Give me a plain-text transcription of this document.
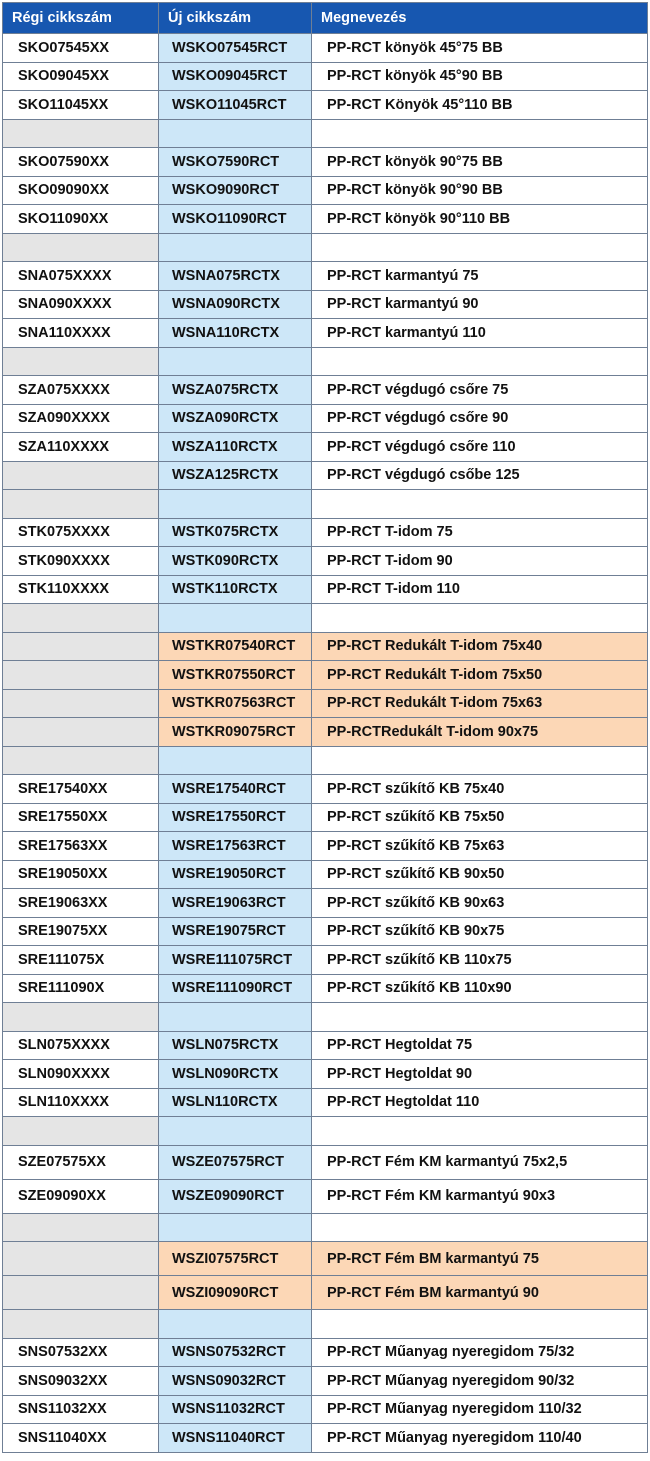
Régi cikkszám	Új cikkszám	Megnevezés
SKO07545XX	WSKO07545RCT	PP-RCT könyök 45°75 BB
SKO09045XX	WSKO09045RCT	PP-RCT könyök 45°90 BB
SKO11045XX	WSKO11045RCT	PP-RCT Könyök 45°110 BB

SKO07590XX	WSKO7590RCT	PP-RCT könyök 90°75 BB
SKO09090XX	WSKO9090RCT	PP-RCT könyök 90°90 BB
SKO11090XX	WSKO11090RCT	PP-RCT könyök 90°110 BB

SNA075XXXX	WSNA075RCTX	PP-RCT karmantyú 75
SNA090XXXX	WSNA090RCTX	PP-RCT karmantyú 90
SNA110XXXX	WSNA110RCTX	PP-RCT karmantyú 110

SZA075XXXX	WSZA075RCTX	PP-RCT végdugó csőre 75
SZA090XXXX	WSZA090RCTX	PP-RCT végdugó csőre 90
SZA110XXXX	WSZA110RCTX	PP-RCT végdugó csőre 110
	WSZA125RCTX	PP-RCT végdugó csőbe 125

STK075XXXX	WSTK075RCTX	PP-RCT T-idom 75
STK090XXXX	WSTK090RCTX	PP-RCT T-idom 90
STK110XXXX	WSTK110RCTX	PP-RCT T-idom 110

	WSTKR07540RCT	PP-RCT Redukált T-idom 75x40
	WSTKR07550RCT	PP-RCT Redukált T-idom 75x50
	WSTKR07563RCT	PP-RCT Redukált T-idom 75x63
	WSTKR09075RCT	PP-RCTRedukált T-idom 90x75

SRE17540XX	WSRE17540RCT	PP-RCT szűkítő KB 75x40
SRE17550XX	WSRE17550RCT	PP-RCT szűkítő KB 75x50
SRE17563XX	WSRE17563RCT	PP-RCT szűkítő KB 75x63
SRE19050XX	WSRE19050RCT	PP-RCT szűkítő KB 90x50
SRE19063XX	WSRE19063RCT	PP-RCT szűkítő KB 90x63
SRE19075XX	WSRE19075RCT	PP-RCT szűkítő KB 90x75
SRE111075X	WSRE111075RCT	PP-RCT szűkítő KB 110x75
SRE111090X	WSRE111090RCT	PP-RCT szűkítő KB 110x90

SLN075XXXX	WSLN075RCTX	PP-RCT Hegtoldat 75
SLN090XXXX	WSLN090RCTX	PP-RCT Hegtoldat 90
SLN110XXXX	WSLN110RCTX	PP-RCT Hegtoldat 110

SZE07575XX	WSZE07575RCT	PP-RCT Fém KM karmantyú 75x2,5
SZE09090XX	WSZE09090RCT	PP-RCT Fém KM karmantyú 90x3

	WSZI07575RCT	PP-RCT Fém BM karmantyú 75
	WSZI09090RCT	PP-RCT Fém BM karmantyú 90

SNS07532XX	WSNS07532RCT	PP-RCT Műanyag nyeregidom 75/32
SNS09032XX	WSNS09032RCT	PP-RCT Műanyag nyeregidom 90/32
SNS11032XX	WSNS11032RCT	PP-RCT Műanyag nyeregidom 110/32
SNS11040XX	WSNS11040RCT	PP-RCT Műanyag nyeregidom 110/40
